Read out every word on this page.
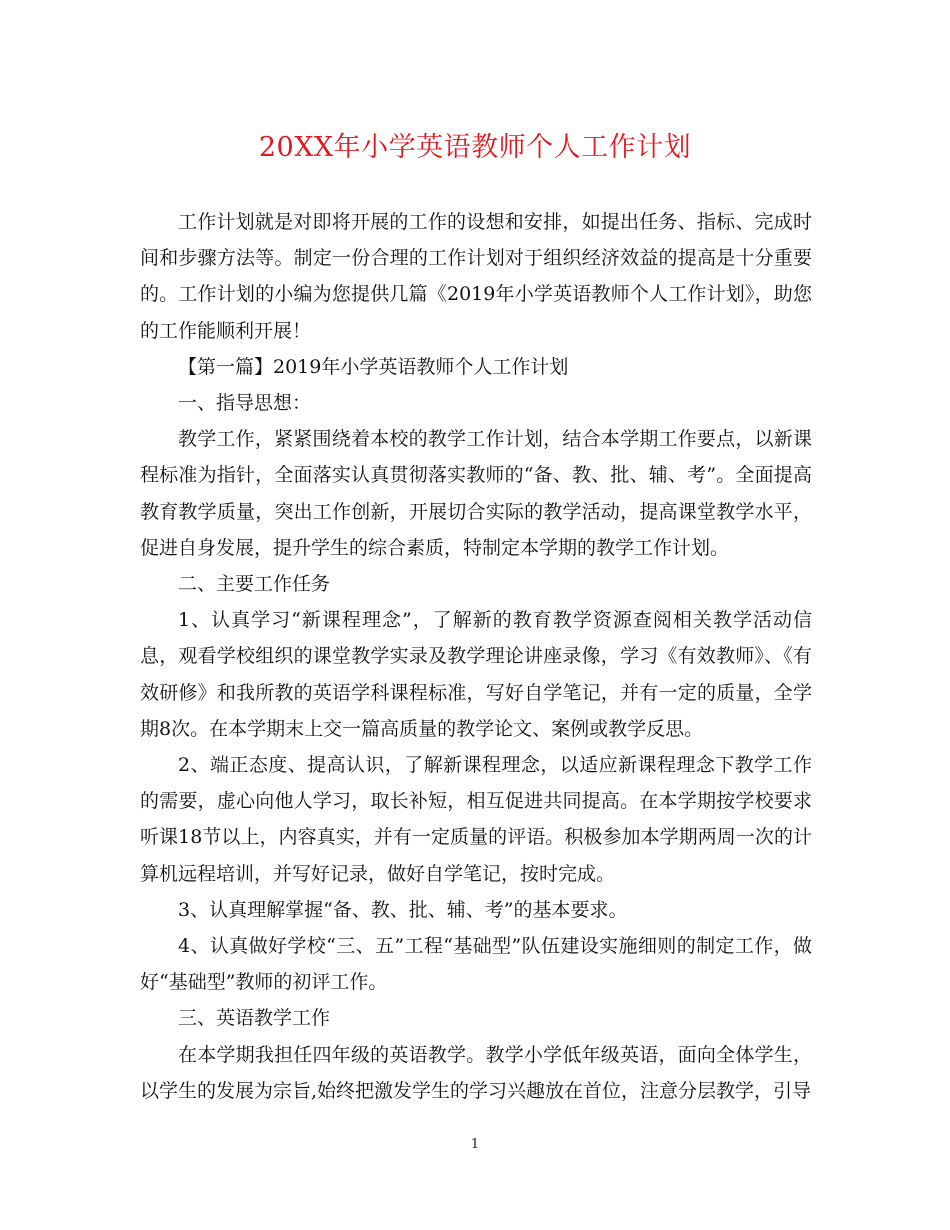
20XX年小学英语教师个人工作计划

工作计划就是对即将开展的工作的设想和安排，如提出任务、指标、完成时间和步骤方法等。制定一份合理的工作计划对于组织经济效益的提高是十分重要的。工作计划的小编为您提供几篇《2019年小学英语教师个人工作计划》，助您的工作能顺利开展！

【第一篇】2019年小学英语教师个人工作计划

一、指导思想：

教学工作，紧紧围绕着本校的教学工作计划，结合本学期工作要点，以新课程标准为指针，全面落实认真贯彻落实教师的“备、教、批、辅、考”。全面提高教育教学质量，突出工作创新，开展切合实际的教学活动，提高课堂教学水平，促进自身发展，提升学生的综合素质，特制定本学期的教学工作计划。

二、主要工作任务

1、认真学习“新课程理念”，了解新的教育教学资源查阅相关教学活动信息，观看学校组织的课堂教学实录及教学理论讲座录像，学习《有效教师》、《有效研修》和我所教的英语学科课程标准，写好自学笔记，并有一定的质量，全学期8次。在本学期末上交一篇高质量的教学论文、案例或教学反思。

2、端正态度、提高认识，了解新课程理念，以适应新课程理念下教学工作的需要，虚心向他人学习，取长补短，相互促进共同提高。在本学期按学校要求听课18节以上，内容真实，并有一定质量的评语。积极参加本学期两周一次的计算机远程培训，并写好记录，做好自学笔记，按时完成。

3、认真理解掌握“备、教、批、辅、考”的基本要求。

4、认真做好学校“三、五”工程“基础型”队伍建设实施细则的制定工作，做好“基础型”教师的初评工作。

三、英语教学工作

在本学期我担任四年级的英语教学。教学小学低年级英语，面向全体学生，以学生的发展为宗旨,始终把激发学生的学习兴趣放在首位，注意分层教学，引导

1
